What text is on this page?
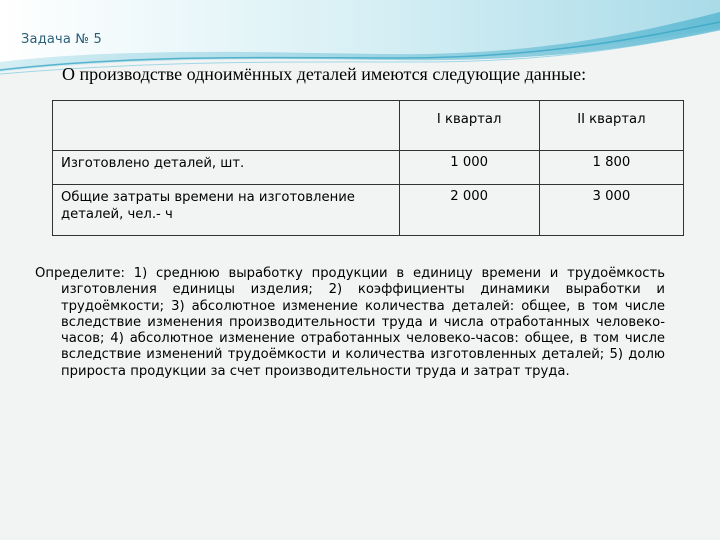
Задача № 5
О производстве одноимённых деталей имеются следующие данные:
	I квартал	II квартал
Изготовлено деталей, шт.	1 000	1 800
Общие затраты времени на изготовление деталей, чел.- ч	2 000	3 000
Определите: 1) среднюю выработку продукции в единицу времени и трудоёмкость изготовления единицы изделия; 2) коэффициенты динамики выработки и трудоёмкости; 3) абсолютное изменение количества деталей: общее, в том числе вследствие изменения производительности труда и числа отработанных человеко-часов; 4) абсолютное изменение отработанных человеко-часов: общее, в том числе вследствие изменений трудоёмкости и количества изготовленных деталей; 5) долю прироста продукции за счет производительности труда и затрат труда.
